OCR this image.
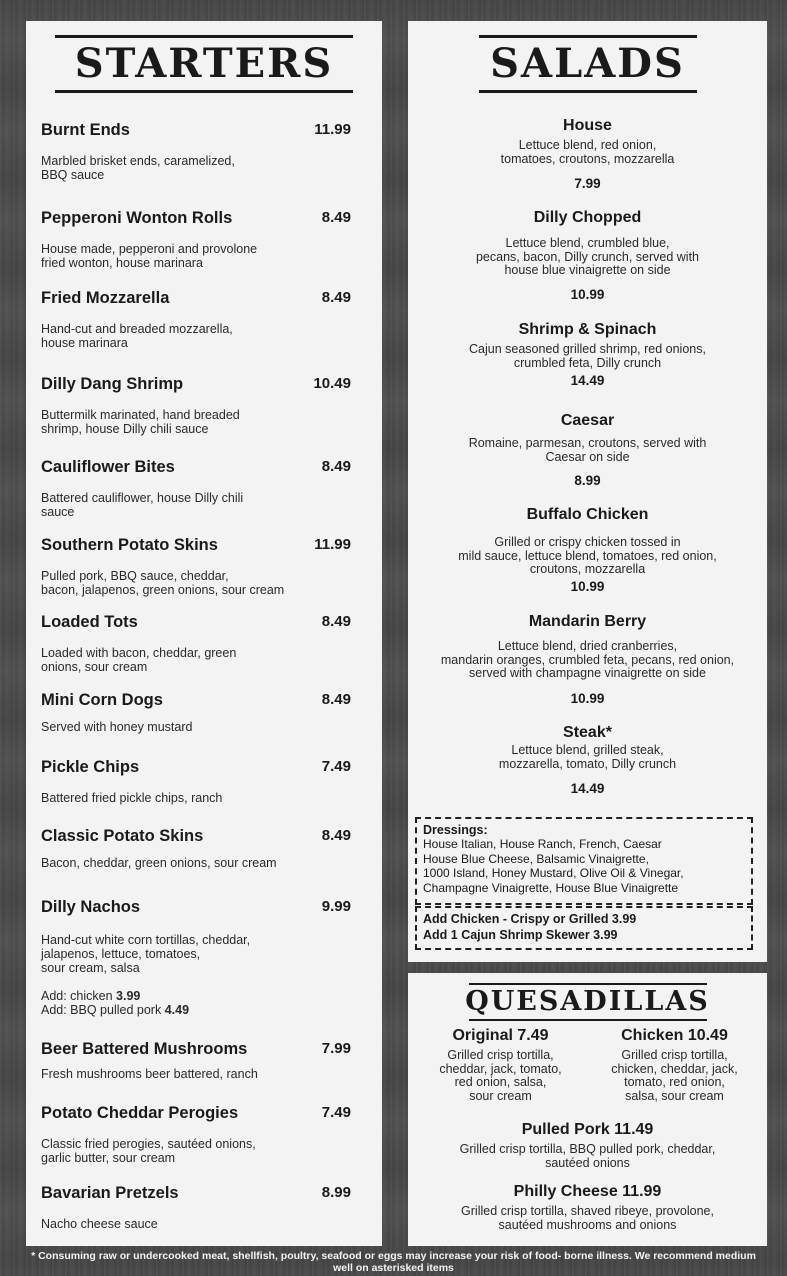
STARTERS
Burnt Ends	11.99
Marbled brisket ends, caramelized,
BBQ sauce
Pepperoni Wonton Rolls	8.49
House made, pepperoni and provolone
fried wonton, house marinara
Fried Mozzarella	8.49
Hand-cut and breaded mozzarella,
house marinara
Dilly Dang Shrimp	10.49
Buttermilk marinated, hand breaded
shrimp, house Dilly chili sauce
Cauliflower Bites	8.49
Battered cauliflower, house Dilly chili
sauce
Southern Potato Skins	11.99
Pulled pork, BBQ sauce, cheddar,
bacon, jalapenos, green onions, sour cream
Loaded Tots	8.49
Loaded with bacon, cheddar, green
onions, sour cream
Mini Corn Dogs	8.49
Served with honey mustard
Pickle Chips	7.49
Battered fried pickle chips, ranch
Classic Potato Skins	8.49
Bacon, cheddar, green onions, sour cream
Dilly Nachos	9.99
Hand-cut white corn tortillas, cheddar,
jalapenos, lettuce, tomatoes,
sour cream, salsa
Add: chicken 3.99
Add: BBQ pulled pork 4.49
Beer Battered Mushrooms	7.99
Fresh mushrooms beer battered, ranch
Potato Cheddar Perogies	7.49
Classic fried perogies, sautéed onions,
garlic butter, sour cream
Bavarian Pretzels	8.99
Nacho cheese sauce
SALADS
House
Lettuce blend, red onion,
tomatoes, croutons, mozzarella
7.99
Dilly Chopped
Lettuce blend, crumbled blue,
pecans, bacon, Dilly crunch, served with
house blue vinaigrette on side
10.99
Shrimp & Spinach
Cajun seasoned grilled shrimp, red onions,
crumbled feta, Dilly crunch
14.49
Caesar
Romaine, parmesan, croutons, served with
Caesar on side
8.99
Buffalo Chicken
Grilled or crispy chicken tossed in
mild sauce, lettuce blend, tomatoes, red onion,
croutons, mozzarella
10.99
Mandarin Berry
Lettuce blend, dried cranberries,
mandarin oranges, crumbled feta, pecans, red onion,
served with champagne vinaigrette on side
10.99
Steak*
Lettuce blend, grilled steak,
mozzarella, tomato, Dilly crunch
14.49
Dressings:
House Italian, House Ranch, French, Caesar
House Blue Cheese, Balsamic Vinaigrette,
1000 Island, Honey Mustard, Olive Oil & Vinegar,
Champagne Vinaigrette, House Blue Vinaigrette
Add Chicken - Crispy or Grilled 3.99
Add 1 Cajun Shrimp Skewer 3.99
QUESADILLAS
Original 7.49
Grilled crisp tortilla,
cheddar, jack, tomato,
red onion, salsa,
sour cream
Chicken 10.49
Grilled crisp tortilla,
chicken, cheddar, jack,
tomato, red onion,
salsa, sour cream
Pulled Pork 11.49
Grilled crisp tortilla, BBQ pulled pork, cheddar,
sautéed onions
Philly Cheese 11.99
Grilled crisp tortilla, shaved ribeye, provolone,
sautéed mushrooms and onions
* Consuming raw or undercooked meat, shellfish, poultry, seafood or eggs may increase your risk of food- borne illness. We recommend medium well on asterisked items
